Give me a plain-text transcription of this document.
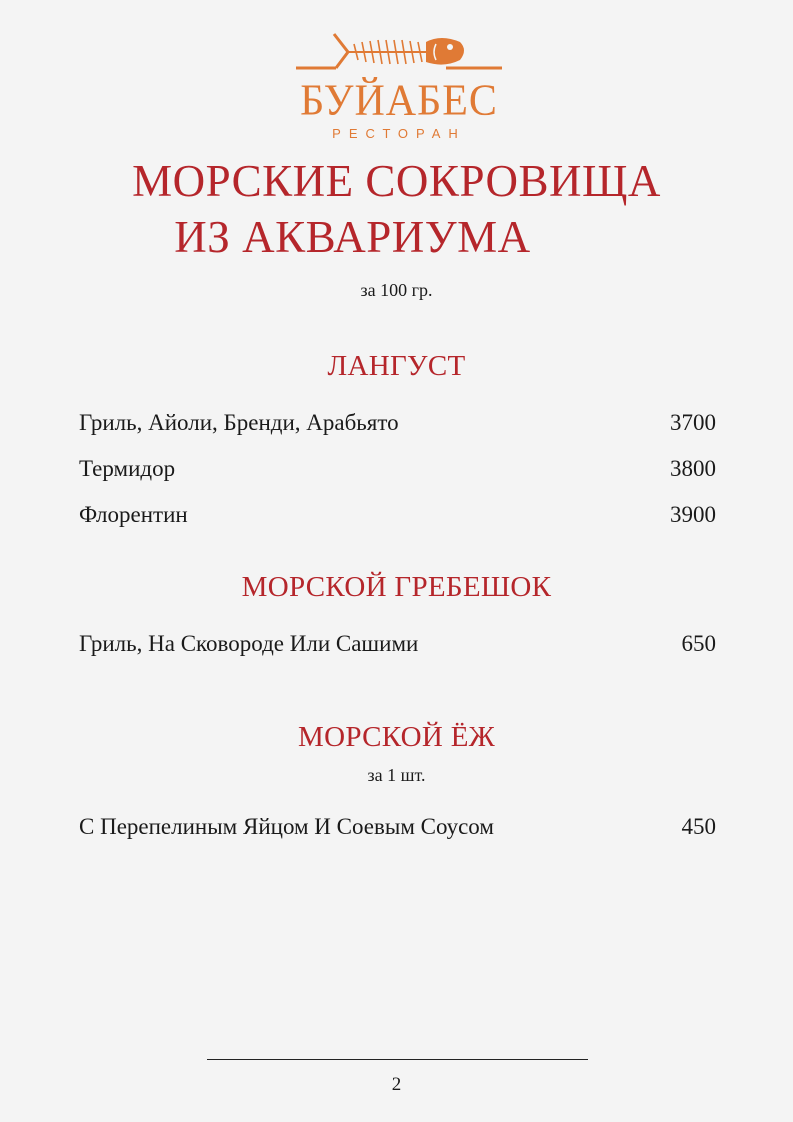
БУЙАБЕС
РЕСТОРАН
МОРСКИЕ СОКРОВИЩА
ИЗ АКВАРИУМА
за 100 гр.
ЛАНГУСТ
Гриль, Айоли, Бренди, Арабьято	3700
Термидор	3800
Флорентин	3900
МОРСКОЙ ГРЕБЕШОК
Гриль, На Сковороде Или Сашими	650
МОРСКОЙ ЁЖ
за 1 шт.
С Перепелиным Яйцом И Соевым Соусом	450
2
